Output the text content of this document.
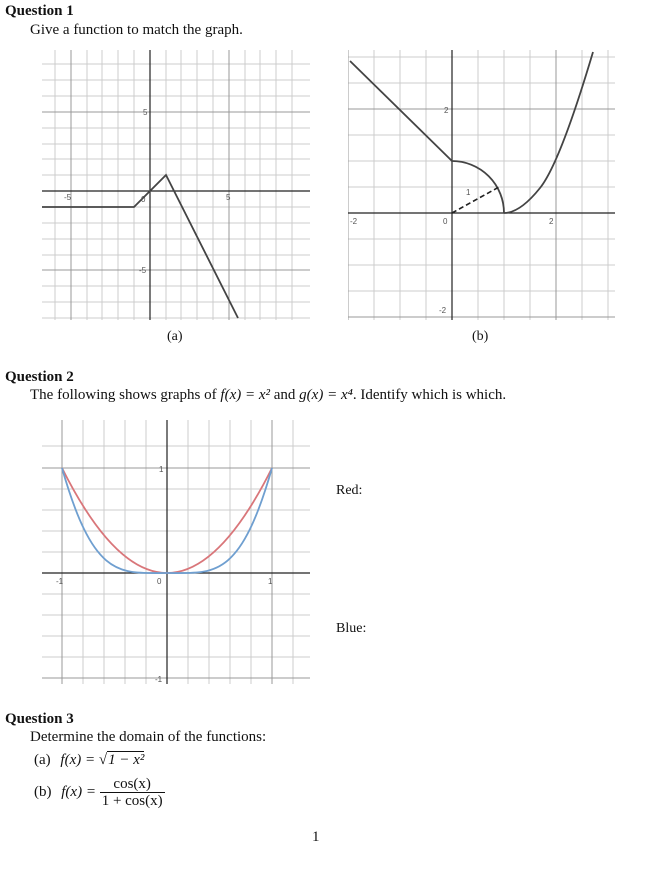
Question 1
Give a function to match the graph.
-5	0	5
5
-5
(a)
-2	0	2
2
-2
1
(b)
Question 2
The following shows graphs of f(x) = x² and g(x) = x⁴. Identify which is which.
-1	0	1
1
-1
Red:
Blue:
Question 3
Determine the domain of the functions:
(a) f(x) = √1 − x²
(b) $f(x) = \frac{\cos(x)}{1 + \cos(x)}$
1
